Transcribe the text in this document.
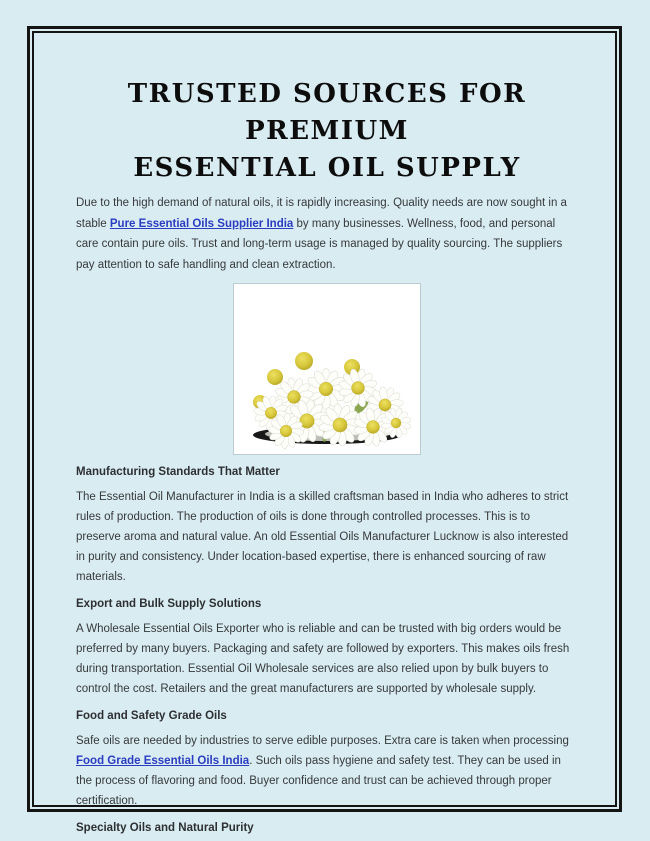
TRUSTED SOURCES FOR PREMIUM
ESSENTIAL OIL SUPPLY

Due to the high demand of natural oils, it is rapidly increasing. Quality needs are now sought in a stable Pure Essential Oils Supplier India by many businesses. Wellness, food, and personal care contain pure oils. Trust and long-term usage is managed by quality sourcing. The suppliers pay attention to safe handling and clean extraction.

Manufacturing Standards That Matter

The Essential Oil Manufacturer in India is a skilled craftsman based in India who adheres to strict rules of production. The production of oils is done through controlled processes. This is to preserve aroma and natural value. An old Essential Oils Manufacturer Lucknow is also interested in purity and consistency. Under location-based expertise, there is enhanced sourcing of raw materials.

Export and Bulk Supply Solutions

A Wholesale Essential Oils Exporter who is reliable and can be trusted with big orders would be preferred by many buyers. Packaging and safety are followed by exporters. This makes oils fresh during transportation. Essential Oil Wholesale services are also relied upon by bulk buyers to control the cost. Retailers and the great manufacturers are supported by wholesale supply.

Food and Safety Grade Oils

Safe oils are needed by industries to serve edible purposes. Extra care is taken when processing Food Grade Essential Oils India. Such oils pass hygiene and safety test. They can be used in the process of flavoring and food. Buyer confidence and trust can be achieved through proper certification.

Specialty Oils and Natural Purity
